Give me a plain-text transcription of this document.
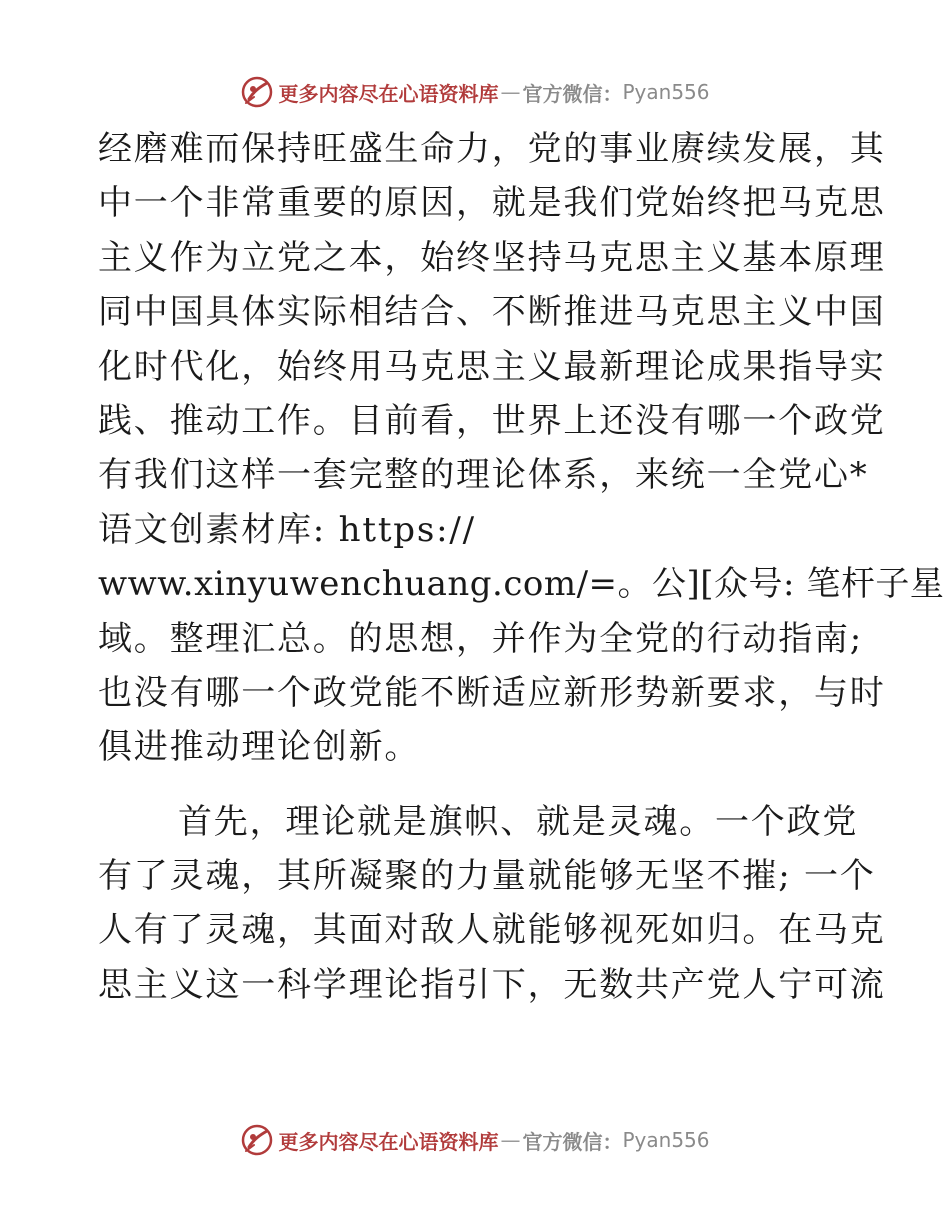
更多内容尽在心语资料库 — 官方微信： Pyan556
经磨难而保持旺盛生命力，党的事业赓续发展，其
中一个非常重要的原因，就是我们党始终把马克思
主义作为立党之本，始终坚持马克思主义基本原理
同中国具体实际相结合、不断推进马克思主义中国
化时代化，始终用马克思主义最新理论成果指导实
践、推动工作。目前看，世界上还没有哪一个政党
有我们这样一套完整的理论体系，来统一全党心*
语文创素材库: https://
www.xinyuwenchuang.com/=。公][众号: 笔杆子星
域。整理汇总。的思想，并作为全党的行动指南;
也没有哪一个政党能不断适应新形势新要求，与时
俱进推动理论创新。
首先，理论就是旗帜、就是灵魂。一个政党
有了灵魂，其所凝聚的力量就能够无坚不摧; 一个
人有了灵魂，其面对敌人就能够视死如归。在马克
思主义这一科学理论指引下，无数共产党人宁可流
更多内容尽在心语资料库 — 官方微信： Pyan556
